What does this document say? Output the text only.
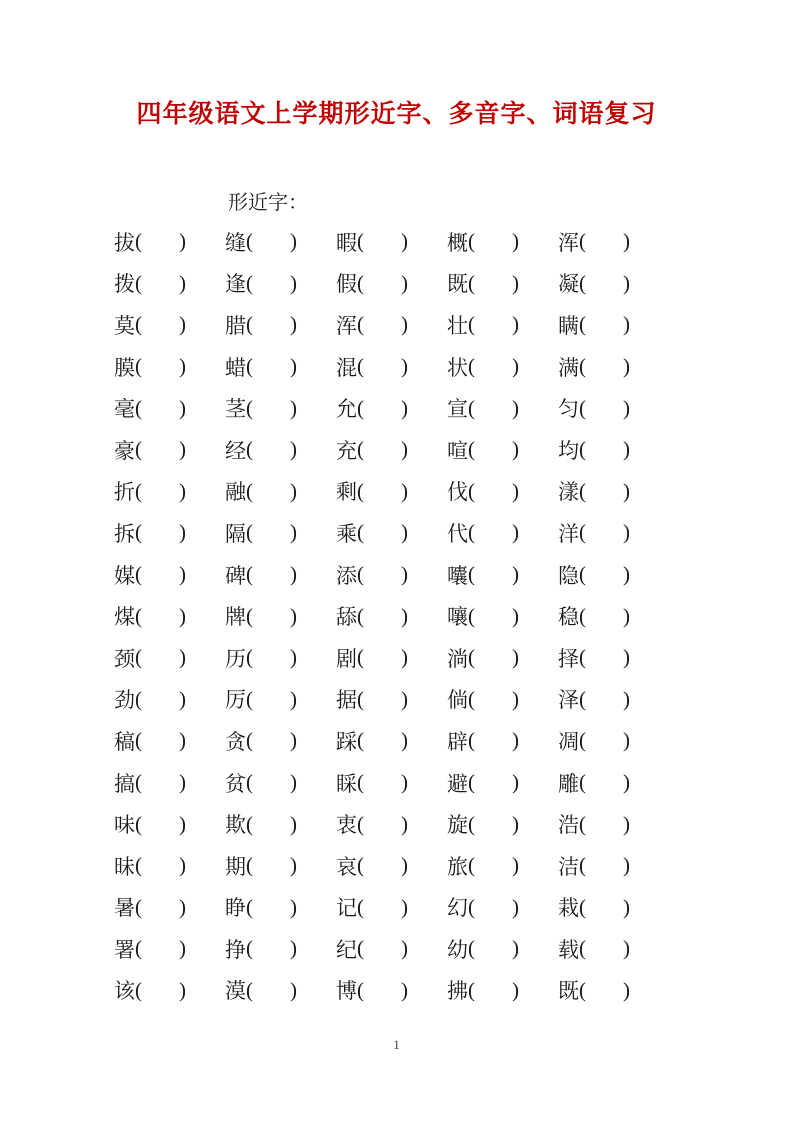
四年级语文上学期形近字、多音字、词语复习
形近字：
拔 ( ) 缝 ( ) 暇 ( ) 概 ( ) 浑 ( )
拨 ( ) 逢 ( ) 假 ( ) 既 ( ) 凝 ( )
莫 ( ) 腊 ( ) 浑 ( ) 壮 ( ) 瞒 ( )
膜 ( ) 蜡 ( ) 混 ( ) 状 ( ) 满 ( )
毫 ( ) 茎 ( ) 允 ( ) 宣 ( ) 匀 ( )
豪 ( ) 经 ( ) 充 ( ) 喧 ( ) 均 ( )
折 ( ) 融 ( ) 剩 ( ) 伐 ( ) 漾 ( )
拆 ( ) 隔 ( ) 乘 ( ) 代 ( ) 洋 ( )
媒 ( ) 碑 ( ) 添 ( ) 囔 ( ) 隐 ( )
煤 ( ) 牌 ( ) 舔 ( ) 嚷 ( ) 稳 ( )
颈 ( ) 历 ( ) 剧 ( ) 淌 ( ) 择 ( )
劲 ( ) 厉 ( ) 据 ( ) 倘 ( ) 泽 ( )
稿 ( ) 贪 ( ) 踩 ( ) 辟 ( ) 凋 ( )
搞 ( ) 贫 ( ) 睬 ( ) 避 ( ) 雕 ( )
味 ( ) 欺 ( ) 衷 ( ) 旋 ( ) 浩 ( )
昧 ( ) 期 ( ) 哀 ( ) 旅 ( ) 洁 ( )
暑 ( ) 睁 ( ) 记 ( ) 幻 ( ) 栽 ( )
署 ( ) 挣 ( ) 纪 ( ) 幼 ( ) 载 ( )
该 ( ) 漠 ( ) 博 ( ) 拂 ( ) 既 ( )
1
